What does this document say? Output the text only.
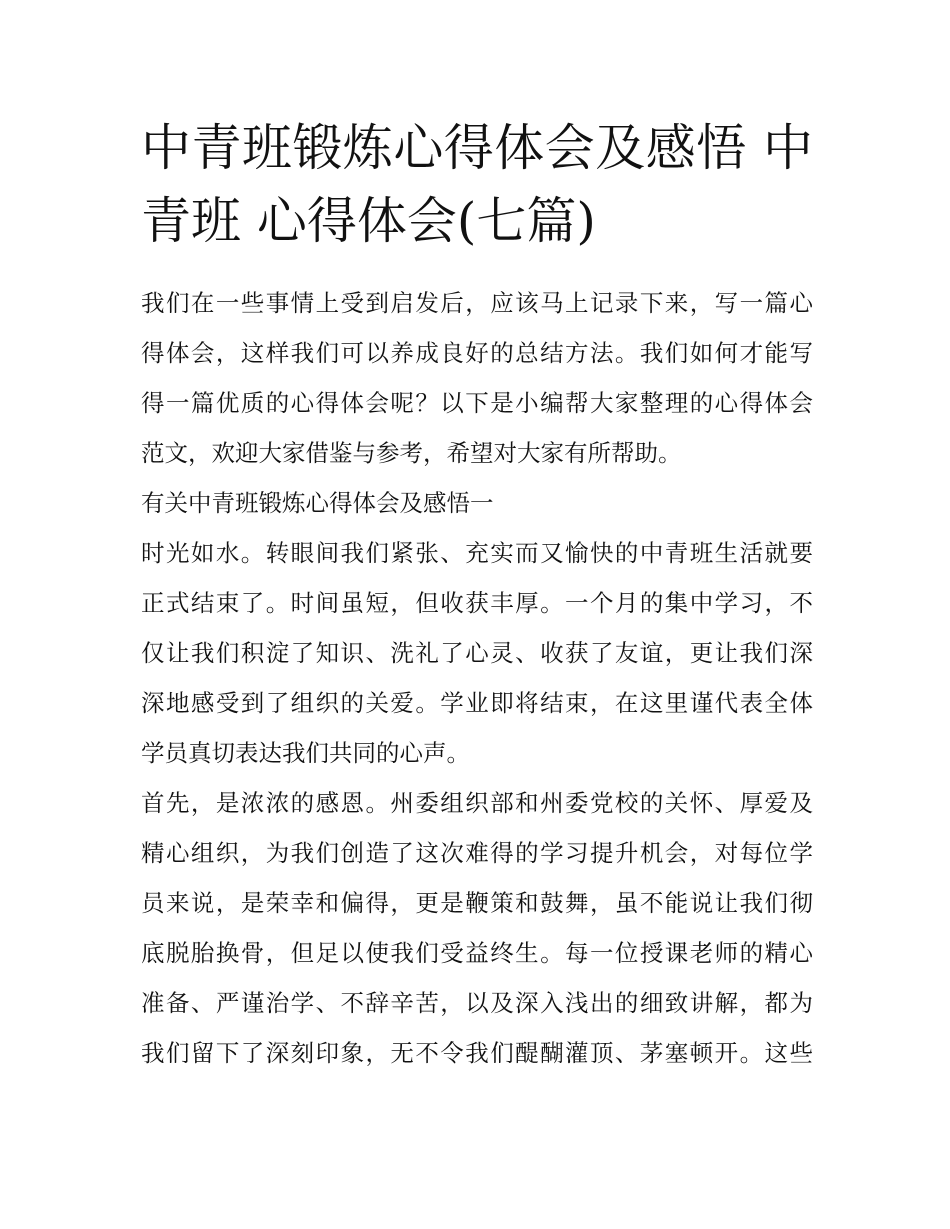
中青班锻炼心得体会及感悟 中
青班 心得体会(七篇)

我们在一些事情上受到启发后，应该马上记录下来，写一篇心
得体会，这样我们可以养成良好的总结方法。我们如何才能写
得一篇优质的心得体会呢？以下是小编帮大家整理的心得体会
范文，欢迎大家借鉴与参考，希望对大家有所帮助。

有关中青班锻炼心得体会及感悟一

时光如水。转眼间我们紧张、充实而又愉快的中青班生活就要
正式结束了。时间虽短，但收获丰厚。一个月的集中学习，不
仅让我们积淀了知识、洗礼了心灵、收获了友谊，更让我们深
深地感受到了组织的关爱。学业即将结束，在这里谨代表全体
学员真切表达我们共同的心声。

首先，是浓浓的感恩。州委组织部和州委党校的关怀、厚爱及
精心组织，为我们创造了这次难得的学习提升机会，对每位学
员来说，是荣幸和偏得，更是鞭策和鼓舞，虽不能说让我们彻
底脱胎换骨，但足以使我们受益终生。每一位授课老师的精心
准备、严谨治学、不辞辛苦，以及深入浅出的细致讲解，都为
我们留下了深刻印象，无不令我们醍醐灌顶、茅塞顿开。这些
